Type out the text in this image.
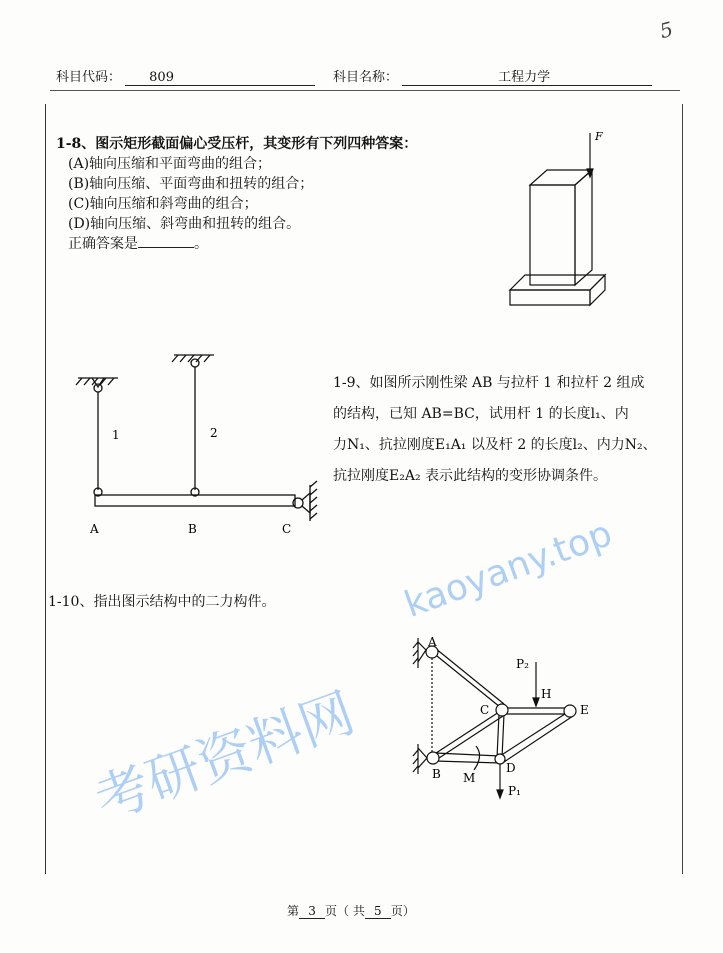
5
科目代码： 809	科目名称：	工程力学
1-8、图示矩形截面偏心受压杆，其变形有下列四种答案：
(A)轴向压缩和平面弯曲的组合；
(B)轴向压缩、平面弯曲和扭转的组合；
(C)轴向压缩和斜弯曲的组合；
(D)轴向压缩、斜弯曲和扭转的组合。
正确答案是	。
F
1	2
A	B	C
1-9、如图所示刚性梁 AB 与拉杆 1 和拉杆 2 组成
的结构，已知 AB=BC，试用杆 1 的长度l₁、内
力N₁、抗拉刚度E₁A₁ 以及杆 2 的长度l₂、内力N₂、
抗拉刚度E₂A₂ 表示此结构的变形协调条件。
1-10、指出图示结构中的二力构件。
A
C	E
B	D
H
P₂
M
P₁
考研资料网
kaoyany.top
第 3 页（ 共 5 页）
